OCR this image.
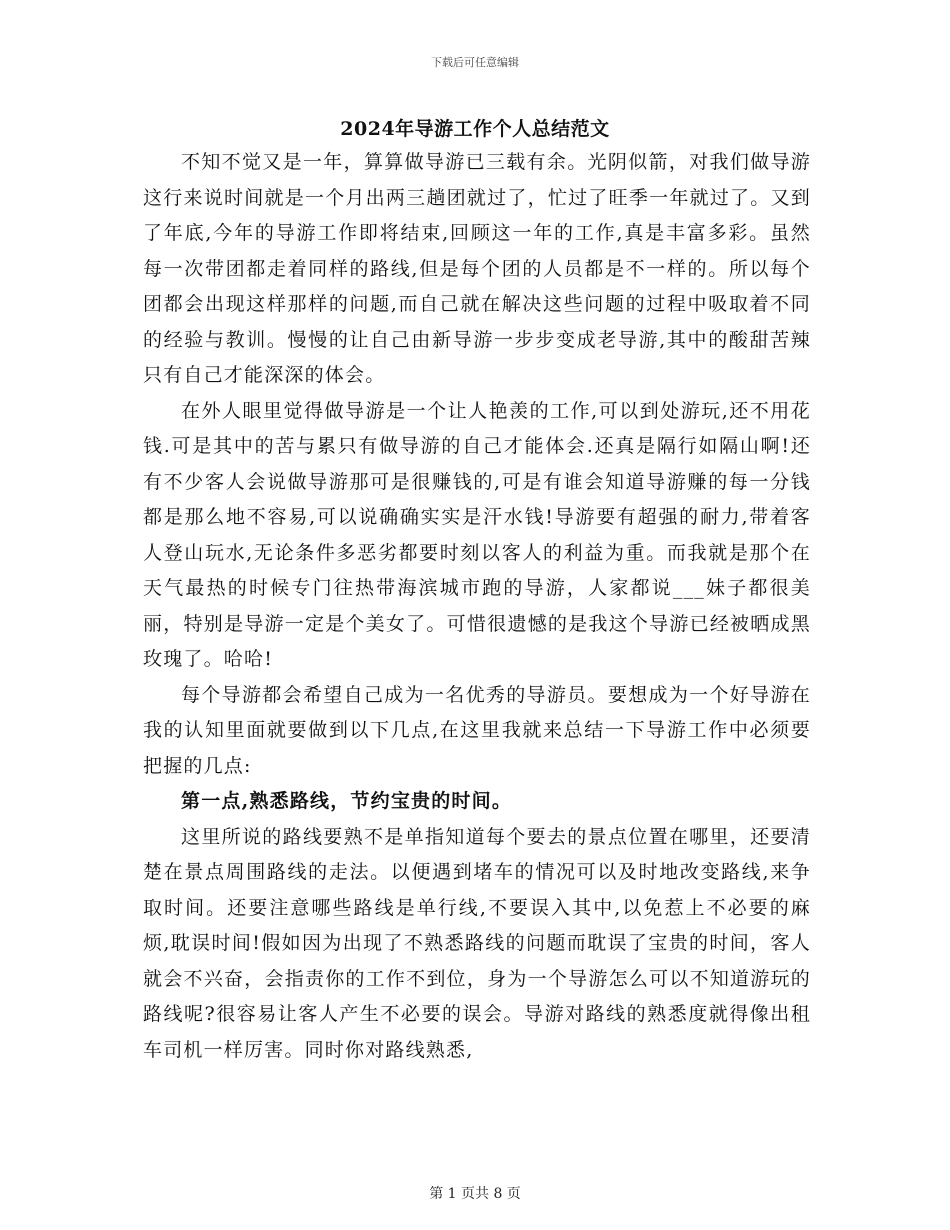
下载后可任意编辑
2024年导游工作个人总结范文

不知不觉又是一年，算算做导游已三载有余。光阴似箭，对我们做导游这行来说时间就是一个月出两三趟团就过了，忙过了旺季一年就过了。又到了年底,今年的导游工作即将结束,回顾这一年的工作,真是丰富多彩。虽然每一次带团都走着同样的路线,但是每个团的人员都是不一样的。所以每个团都会出现这样那样的问题,而自己就在解决这些问题的过程中吸取着不同的经验与教训。慢慢的让自己由新导游一步步变成老导游,其中的酸甜苦辣只有自己才能深深的体会。

在外人眼里觉得做导游是一个让人艳羡的工作,可以到处游玩,还不用花钱.可是其中的苦与累只有做导游的自己才能体会.还真是隔行如隔山啊!还有不少客人会说做导游那可是很赚钱的,可是有谁会知道导游赚的每一分钱都是那么地不容易,可以说确确实实是汗水钱!导游要有超强的耐力,带着客人登山玩水,无论条件多恶劣都要时刻以客人的利益为重。而我就是那个在天气最热的时候专门往热带海滨城市跑的导游，人家都说___妹子都很美丽，特别是导游一定是个美女了。可惜很遗憾的是我这个导游已经被晒成黑玫瑰了。哈哈!

每个导游都会希望自己成为一名优秀的导游员。要想成为一个好导游在我的认知里面就要做到以下几点,在这里我就来总结一下导游工作中必须要把握的几点:

第一点,熟悉路线，节约宝贵的时间。

这里所说的路线要熟不是单指知道每个要去的景点位置在哪里，还要清楚在景点周围路线的走法。以便遇到堵车的情况可以及时地改变路线,来争取时间。还要注意哪些路线是单行线,不要误入其中,以免惹上不必要的麻烦,耽误时间!假如因为出现了不熟悉路线的问题而耽误了宝贵的时间，客人就会不兴奋，会指责你的工作不到位，身为一个导游怎么可以不知道游玩的路线呢?很容易让客人产生不必要的误会。导游对路线的熟悉度就得像出租车司机一样厉害。同时你对路线熟悉,

第 1 页共 8 页
